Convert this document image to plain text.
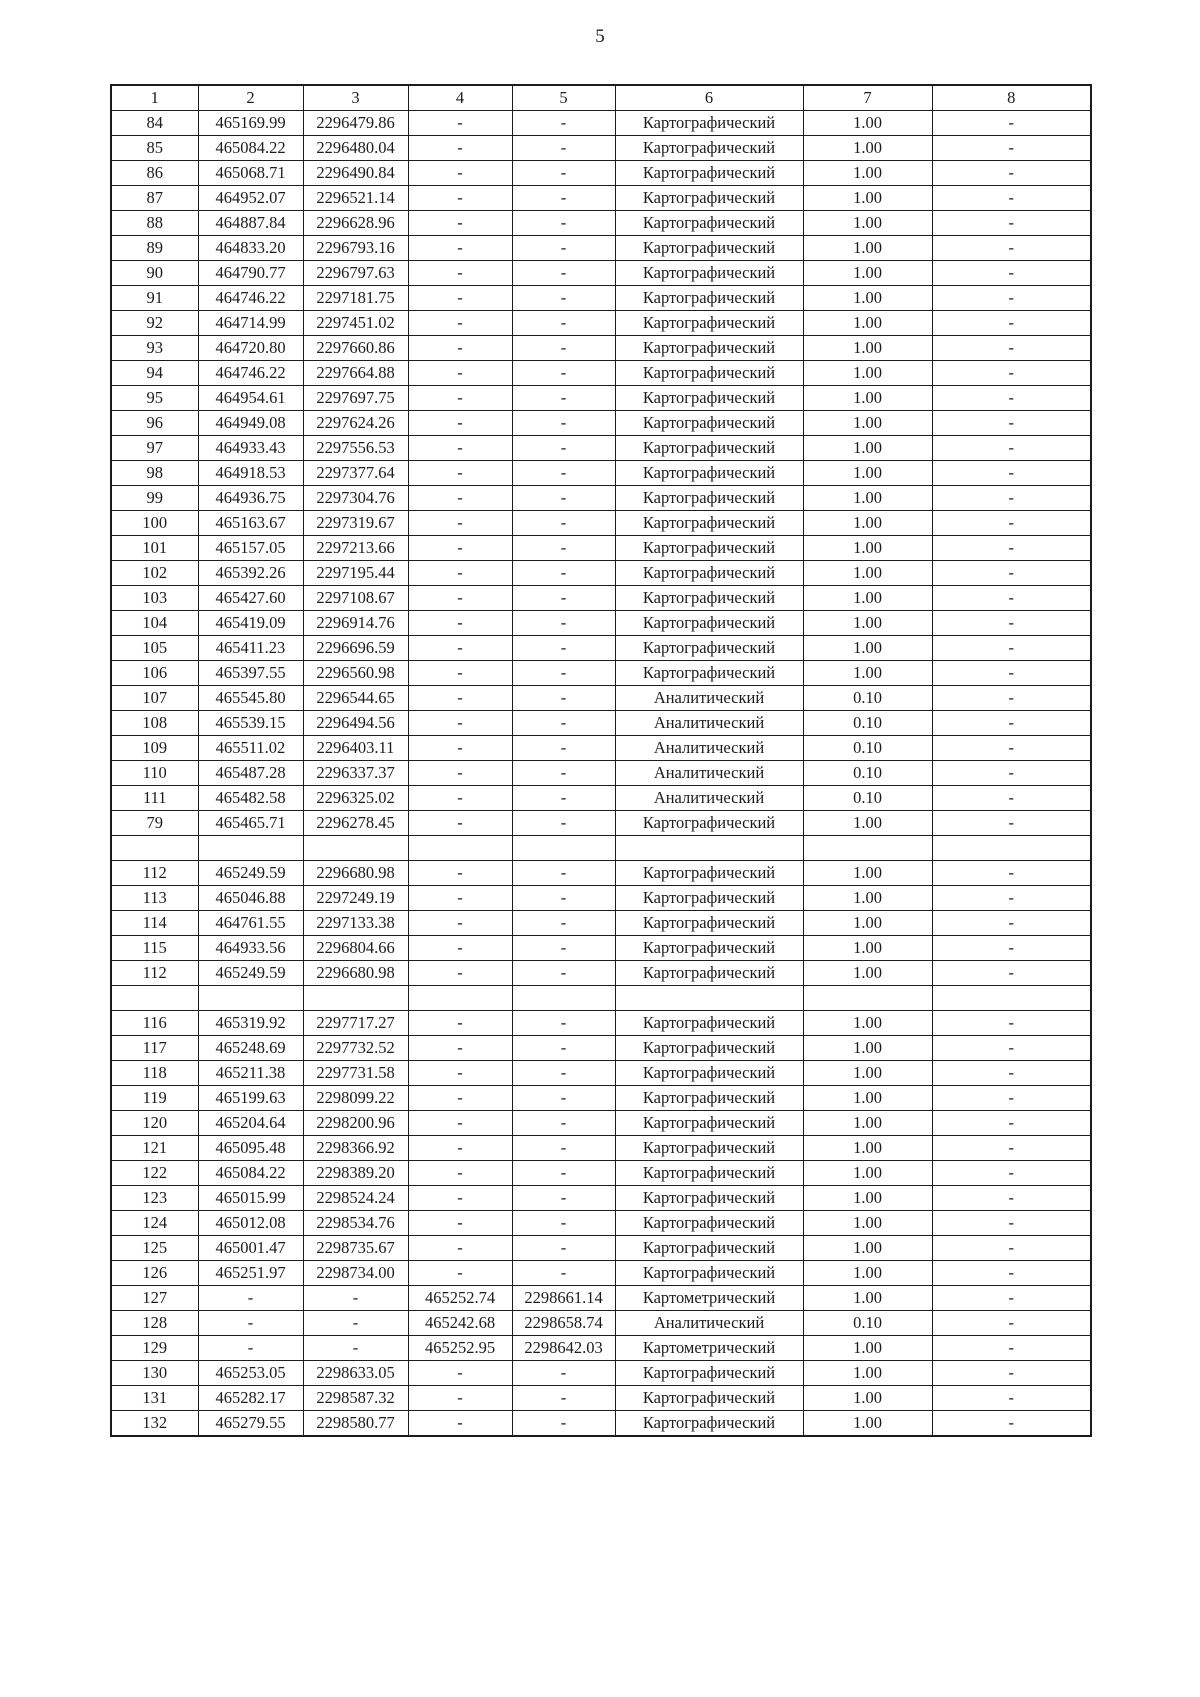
5
1	2	3	4	5	6	7	8
84	465169.99	2296479.86	-	-	Картографический	1.00	-
85	465084.22	2296480.04	-	-	Картографический	1.00	-
86	465068.71	2296490.84	-	-	Картографический	1.00	-
87	464952.07	2296521.14	-	-	Картографический	1.00	-
88	464887.84	2296628.96	-	-	Картографический	1.00	-
89	464833.20	2296793.16	-	-	Картографический	1.00	-
90	464790.77	2296797.63	-	-	Картографический	1.00	-
91	464746.22	2297181.75	-	-	Картографический	1.00	-
92	464714.99	2297451.02	-	-	Картографический	1.00	-
93	464720.80	2297660.86	-	-	Картографический	1.00	-
94	464746.22	2297664.88	-	-	Картографический	1.00	-
95	464954.61	2297697.75	-	-	Картографический	1.00	-
96	464949.08	2297624.26	-	-	Картографический	1.00	-
97	464933.43	2297556.53	-	-	Картографический	1.00	-
98	464918.53	2297377.64	-	-	Картографический	1.00	-
99	464936.75	2297304.76	-	-	Картографический	1.00	-
100	465163.67	2297319.67	-	-	Картографический	1.00	-
101	465157.05	2297213.66	-	-	Картографический	1.00	-
102	465392.26	2297195.44	-	-	Картографический	1.00	-
103	465427.60	2297108.67	-	-	Картографический	1.00	-
104	465419.09	2296914.76	-	-	Картографический	1.00	-
105	465411.23	2296696.59	-	-	Картографический	1.00	-
106	465397.55	2296560.98	-	-	Картографический	1.00	-
107	465545.80	2296544.65	-	-	Аналитический	0.10	-
108	465539.15	2296494.56	-	-	Аналитический	0.10	-
109	465511.02	2296403.11	-	-	Аналитический	0.10	-
110	465487.28	2296337.37	-	-	Аналитический	0.10	-
111	465482.58	2296325.02	-	-	Аналитический	0.10	-
79	465465.71	2296278.45	-	-	Картографический	1.00	-

112	465249.59	2296680.98	-	-	Картографический	1.00	-
113	465046.88	2297249.19	-	-	Картографический	1.00	-
114	464761.55	2297133.38	-	-	Картографический	1.00	-
115	464933.56	2296804.66	-	-	Картографический	1.00	-
112	465249.59	2296680.98	-	-	Картографический	1.00	-

116	465319.92	2297717.27	-	-	Картографический	1.00	-
117	465248.69	2297732.52	-	-	Картографический	1.00	-
118	465211.38	2297731.58	-	-	Картографический	1.00	-
119	465199.63	2298099.22	-	-	Картографический	1.00	-
120	465204.64	2298200.96	-	-	Картографический	1.00	-
121	465095.48	2298366.92	-	-	Картографический	1.00	-
122	465084.22	2298389.20	-	-	Картографический	1.00	-
123	465015.99	2298524.24	-	-	Картографический	1.00	-
124	465012.08	2298534.76	-	-	Картографический	1.00	-
125	465001.47	2298735.67	-	-	Картографический	1.00	-
126	465251.97	2298734.00	-	-	Картографический	1.00	-
127	-	-	465252.74	2298661.14	Картометрический	1.00	-
128	-	-	465242.68	2298658.74	Аналитический	0.10	-
129	-	-	465252.95	2298642.03	Картометрический	1.00	-
130	465253.05	2298633.05	-	-	Картографический	1.00	-
131	465282.17	2298587.32	-	-	Картографический	1.00	-
132	465279.55	2298580.77	-	-	Картографический	1.00	-
